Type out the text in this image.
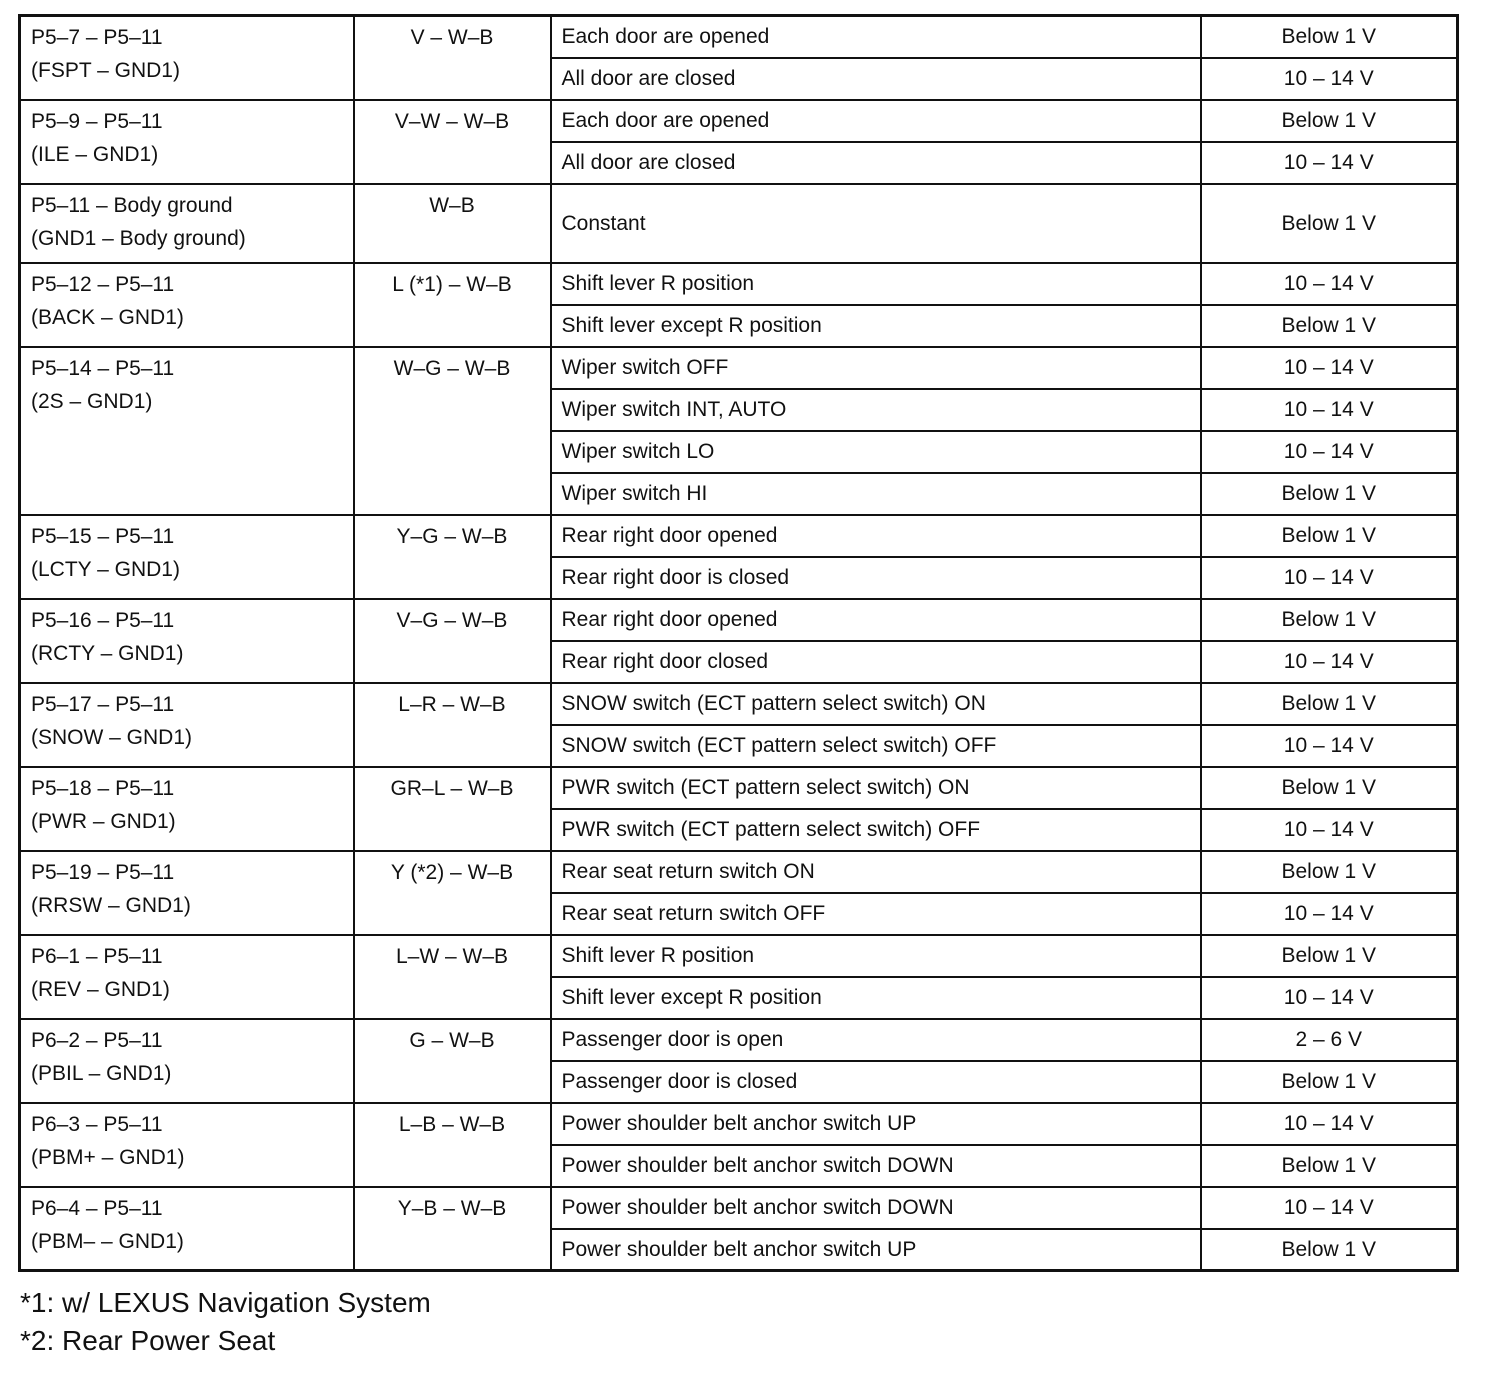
P5–7 – P5–11
(FSPT – GND1)	V – W–B	Each door are opened	Below 1 V
		All door are closed	10 – 14 V

P5–9 – P5–11
(ILE – GND1)	V–W – W–B	Each door are opened	Below 1 V
		All door are closed	10 – 14 V

P5–11 – Body ground
(GND1 – Body ground)	W–B	Constant	Below 1 V

P5–12 – P5–11
(BACK – GND1)	L (*1) – W–B	Shift lever R position	10 – 14 V
		Shift lever except R position	Below 1 V

P5–14 – P5–11
(2S – GND1)	W–G – W–B	Wiper switch OFF	10 – 14 V
		Wiper switch INT, AUTO	10 – 14 V
		Wiper switch LO	10 – 14 V
		Wiper switch HI	Below 1 V

P5–15 – P5–11
(LCTY – GND1)	Y–G – W–B	Rear right door opened	Below 1 V
		Rear right door is closed	10 – 14 V

P5–16 – P5–11
(RCTY – GND1)	V–G – W–B	Rear right door opened	Below 1 V
		Rear right door closed	10 – 14 V

P5–17 – P5–11
(SNOW – GND1)	L–R – W–B	SNOW switch (ECT pattern select switch) ON	Below 1 V
		SNOW switch (ECT pattern select switch) OFF	10 – 14 V

P5–18 – P5–11
(PWR – GND1)	GR–L – W–B	PWR switch (ECT pattern select switch) ON	Below 1 V
		PWR switch (ECT pattern select switch) OFF	10 – 14 V

P5–19 – P5–11
(RRSW – GND1)	Y (*2) – W–B	Rear seat return switch ON	Below 1 V
		Rear seat return switch OFF	10 – 14 V

P6–1 – P5–11
(REV – GND1)	L–W – W–B	Shift lever R position	Below 1 V
		Shift lever except R position	10 – 14 V

P6–2 – P5–11
(PBIL – GND1)	G – W–B	Passenger door is open	2 – 6 V
		Passenger door is closed	Below 1 V

P6–3 – P5–11
(PBM+ – GND1)	L–B – W–B	Power shoulder belt anchor switch UP	10 – 14 V
		Power shoulder belt anchor switch DOWN	Below 1 V

P6–4 – P5–11
(PBM– – GND1)	Y–B – W–B	Power shoulder belt anchor switch DOWN	10 – 14 V
		Power shoulder belt anchor switch UP	Below 1 V
*1: w/ LEXUS Navigation System
*2: Rear Power Seat
